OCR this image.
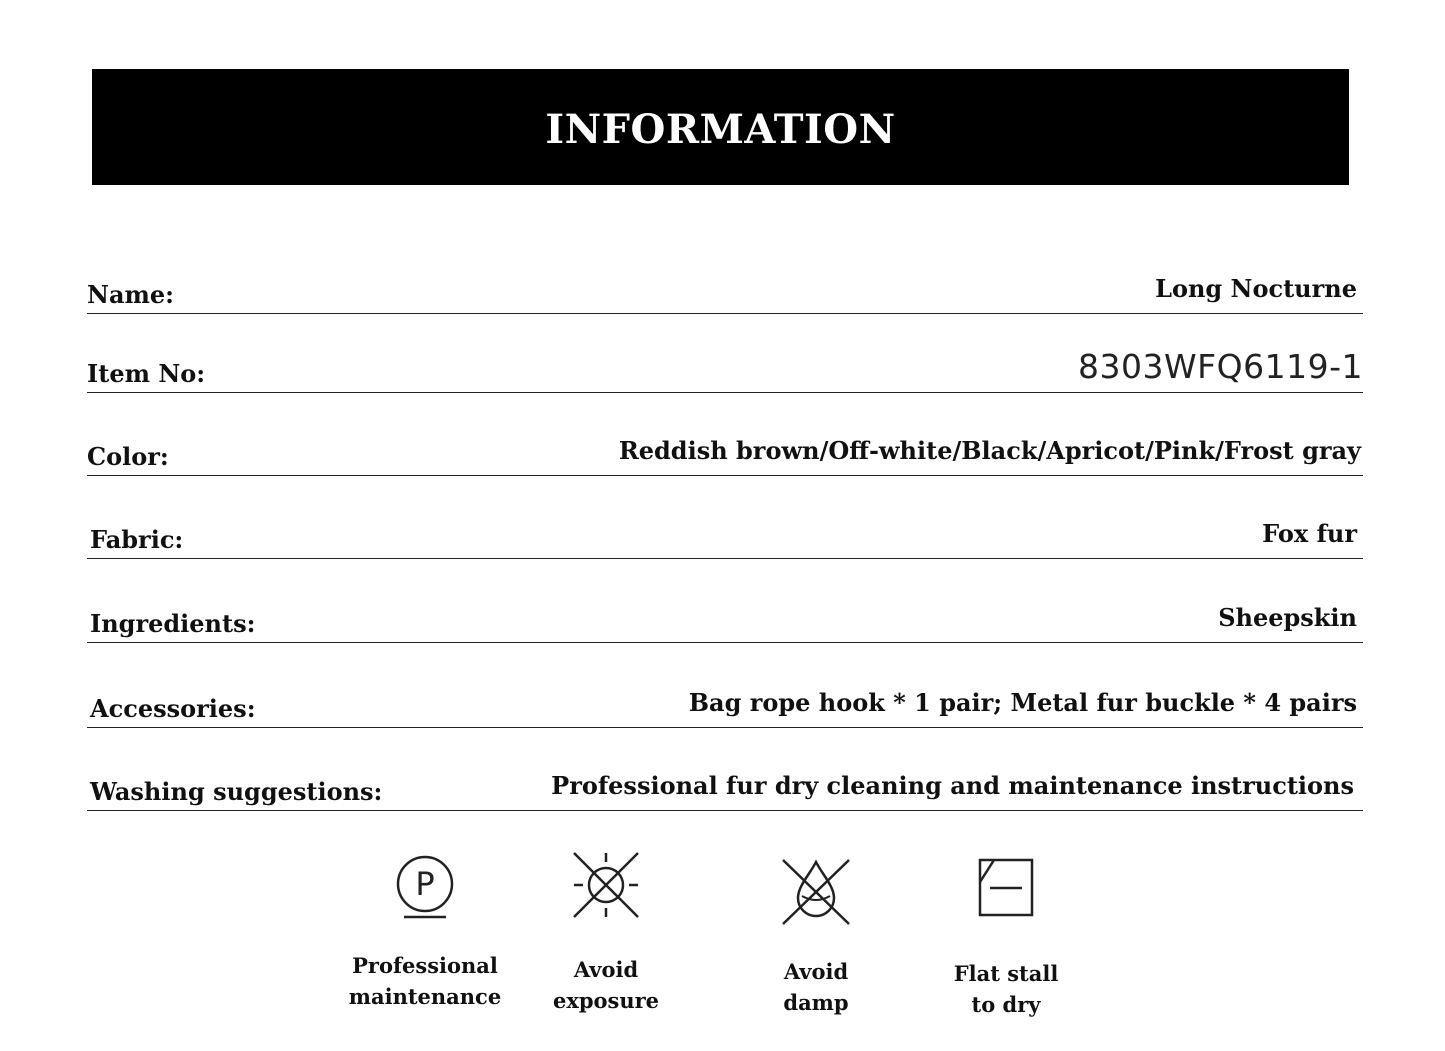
INFORMATION
Name:	Long Nocturne
Item No:	8303WFQ6119-1
Color:	Reddish brown/Off-white/Black/Apricot/Pink/Frost gray
Fabric:	Fox fur
Ingredients:	Sheepskin
Accessories:	Bag rope hook * 1 pair; Metal fur buckle * 4 pairs
Washing suggestions:	Professional fur dry cleaning and maintenance instructions
P
Professional
maintenance
Avoid
exposure
Avoid
damp
Flat stall
to dry
